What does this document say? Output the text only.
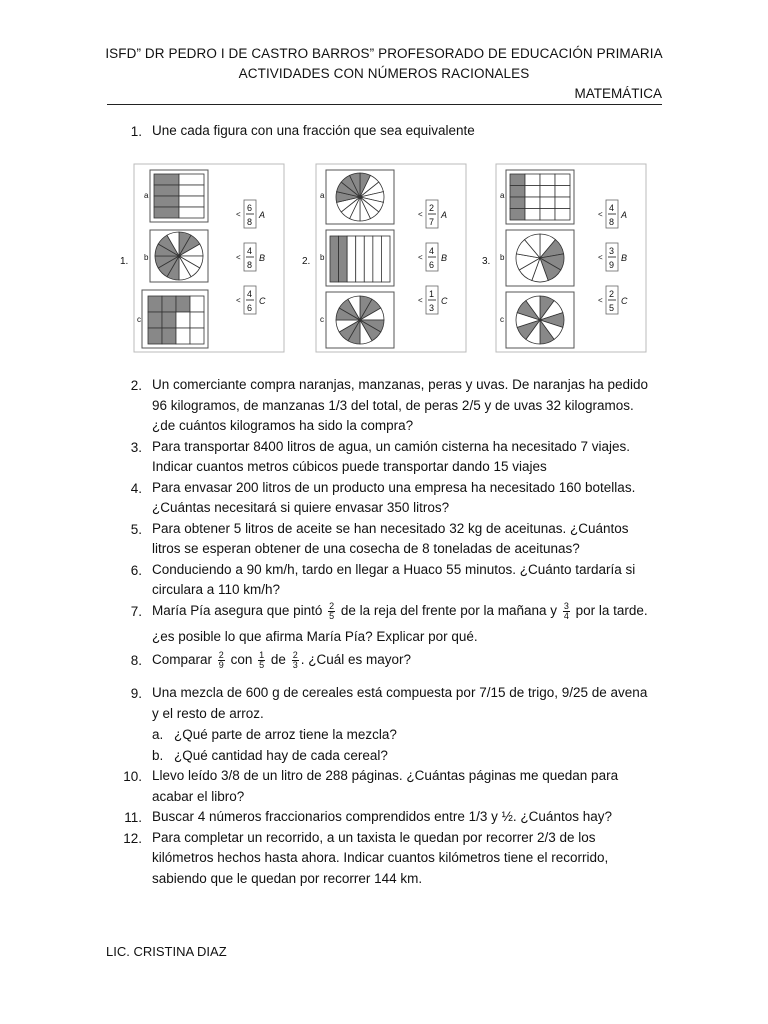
ISFD” DR PEDRO I DE CASTRO BARROS” PROFESORADO DE EDUCACIÓN PRIMARIA
ACTIVIDADES CON NÚMEROS RACIONALES
MATEMÁTICA
1. Une cada figura con una fracción que sea equivalente
1.
a
b
c
6
8
< A
4
8
< B
4
6
< C
2.
a
b
c
2
7
< A
4
6
< B
1
3
< C
3.
a
b
c
4
8
< A
3
9
< B
2
5
< C
7. María Pía asegura que pintó $\frac{2}{5}$ de la reja del frente por la mañana y $\frac{3}{4}$ por la tarde.
¿es posible lo que afirma María Pía? Explicar por qué.
8. Comparar $\frac{2}{9}$ con $\frac{1}{5}$ de $\frac{2}{3}$ . ¿Cuál es mayor?
9. Una mezcla de 600 g de cereales está compuesta por 7/15 de trigo, 9/25 de avena
y el resto de arroz.
a. ¿Qué parte de arroz tiene la mezcla?
b. ¿Qué cantidad hay de cada cereal?
LIC. CRISTINA DIAZ
2. Un comerciante compra naranjas, manzanas, peras y uvas. De naranjas ha pedido
96 kilogramos, de manzanas 1/3 del total, de peras 2/5 y de uvas 32 kilogramos.
¿de cuántos kilogramos ha sido la compra?
3. Para transportar 8400 litros de agua, un camión cisterna ha necesitado 7 viajes.
Indicar cuantos metros cúbicos puede transportar dando 15 viajes
4. Para envasar 200 litros de un producto una empresa ha necesitado 160 botellas.
¿Cuántas necesitará si quiere envasar 350 litros?
5. Para obtener 5 litros de aceite se han necesitado 32 kg de aceitunas. ¿Cuántos
litros se esperan obtener de una cosecha de 8 toneladas de aceitunas?
6. Conduciendo a 90 km/h, tardo en llegar a Huaco 55 minutos. ¿Cuánto tardaría si
circulara a 110 km/h?
10. Llevo leído 3/8 de un litro de 288 páginas. ¿Cuántas páginas me quedan para
acabar el libro?
11. Buscar 4 números fraccionarios comprendidos entre 1/3 y ½. ¿Cuántos hay?
12. Para completar un recorrido, a un taxista le quedan por recorrer 2/3 de los
kilómetros hechos hasta ahora. Indicar cuantos kilómetros tiene el recorrido,
sabiendo que le quedan por recorrer 144 km.
